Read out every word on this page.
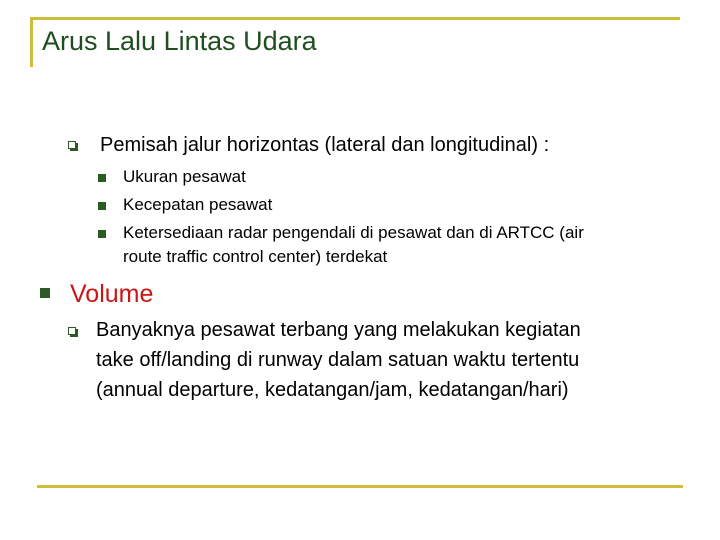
Arus Lalu Lintas Udara
Pemisah jalur horizontas (lateral dan longitudinal) :
Ukuran pesawat
Kecepatan pesawat
Ketersediaan radar pengendali di pesawat dan di ARTCC (air
route traffic control center) terdekat
Volume
Banyaknya pesawat terbang yang melakukan kegiatan
take off/landing di runway dalam satuan waktu tertentu
(annual departure, kedatangan/jam, kedatangan/hari)
